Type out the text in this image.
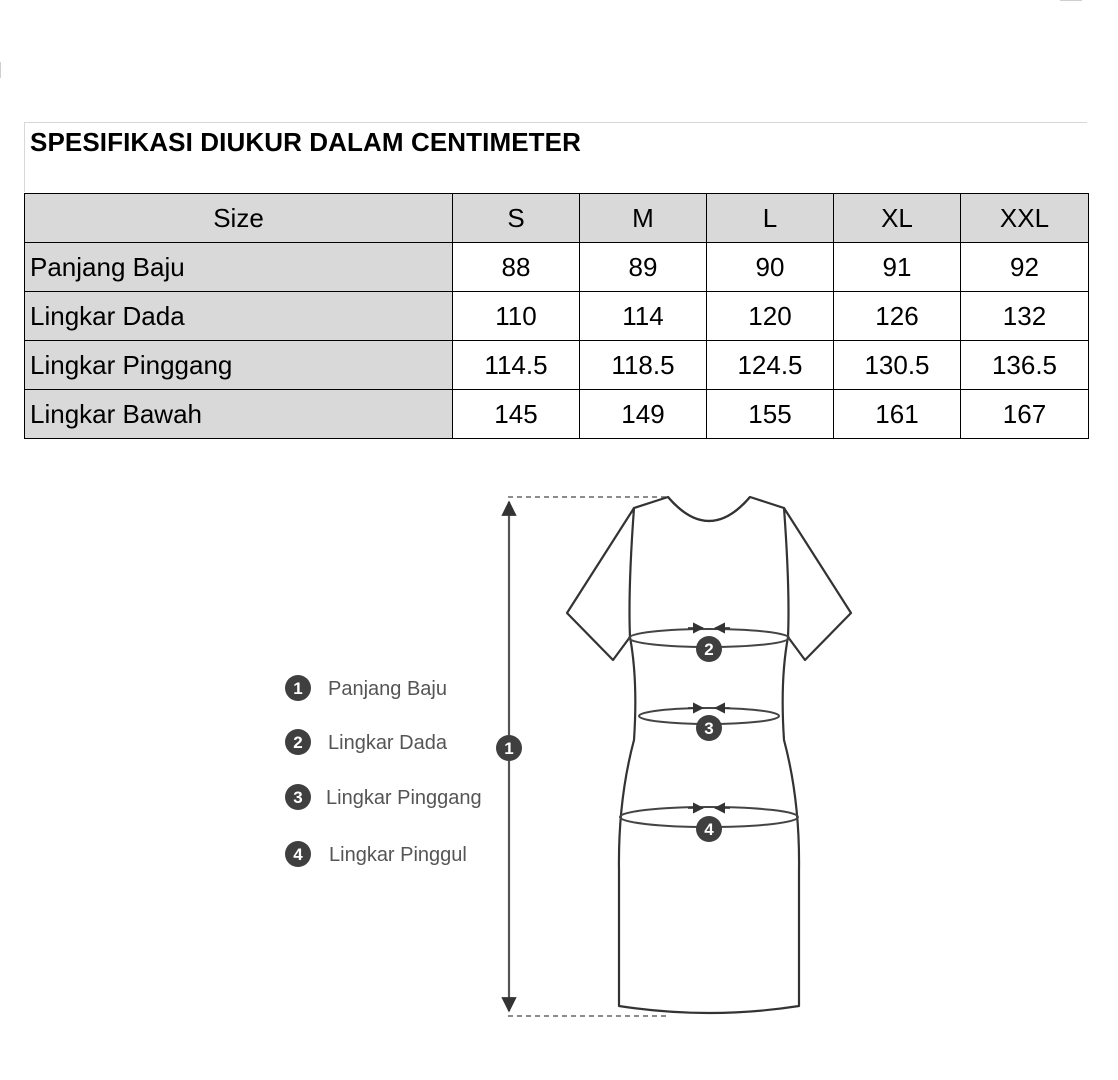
SPESIFIKASI DIUKUR DALAM CENTIMETER
Size	S	M	L	XL	XXL
Panjang Baju	88	89	90	91	92
Lingkar Dada	110	114	120	126	132
Lingkar Pinggang	114.5	118.5	124.5	130.5	136.5
Lingkar Bawah	145	149	155	161	167
1 Panjang Baju
2 Lingkar Dada
3 Lingkar Pinggang
4 Lingkar Pinggul
1
2
3
4
